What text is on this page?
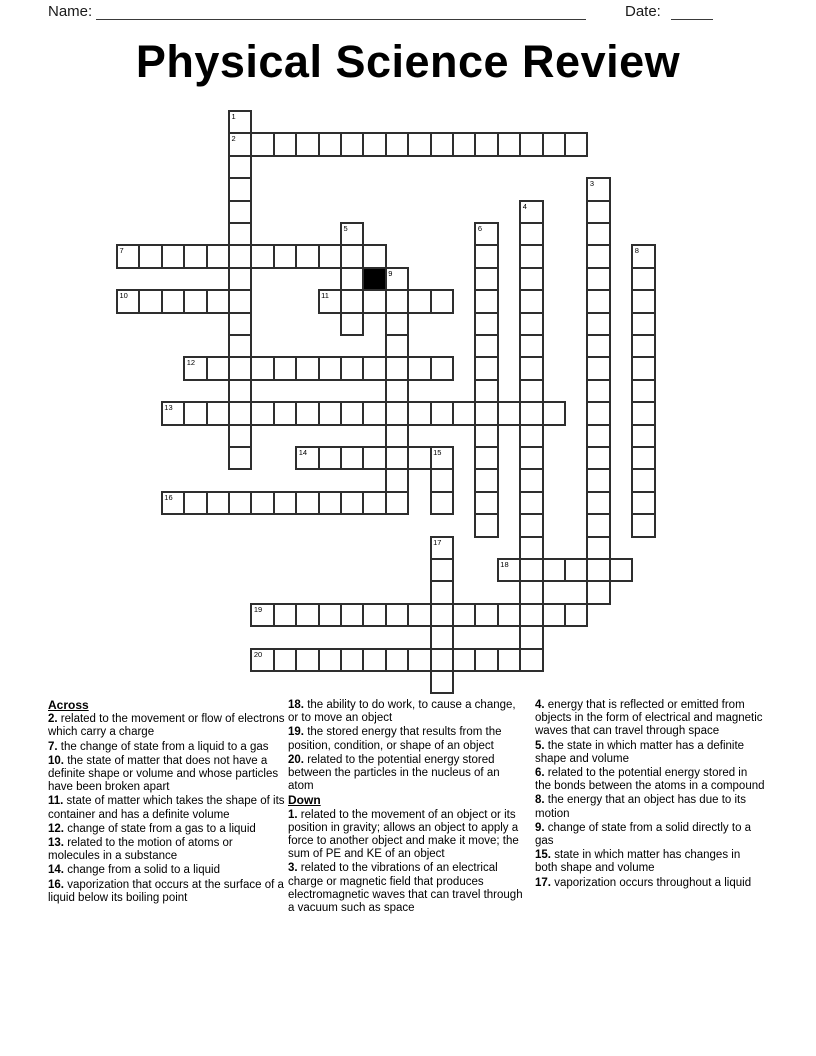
Name:	Date:
Physical Science Review
1
2
3
4
5	6
7	8
9
10	11
12
13
14	15
16
17
18
19
20
Across

2. related to the movement or flow of electrons which carry a charge

7. the change of state from a liquid to a gas

10. the state of matter that does not have a definite shape or volume and whose particles have been broken apart

11. state of matter which takes the shape of its container and has a definite volume

12. change of state from a gas to a liquid

13. related to the motion of atoms or molecules in a substance

14. change from a solid to a liquid

16. vaporization that occurs at the surface of a liquid below its boiling point

18. the ability to do work, to cause a change, or to move an object

19. the stored energy that results from the position, condition, or shape of an object

20. related to the potential energy stored between the particles in the nucleus of an atom

Down

1. related to the movement of an object or its position in gravity; allows an object to apply a force to another object and make it move; the sum of PE and KE of an object

3. related to the vibrations of an electrical charge or magnetic field that produces electromagnetic waves that can travel through a vacuum such as space

4. energy that is reflected or emitted from objects in the form of electrical and magnetic waves that can travel through space

5. the state in which matter has a definite shape and volume

6. related to the potential energy stored in the bonds between the atoms in a compound

8. the energy that an object has due to its motion

9. change of state from a solid directly to a gas

15. state in which matter has changes in both shape and volume

17. vaporization occurs throughout a liquid
